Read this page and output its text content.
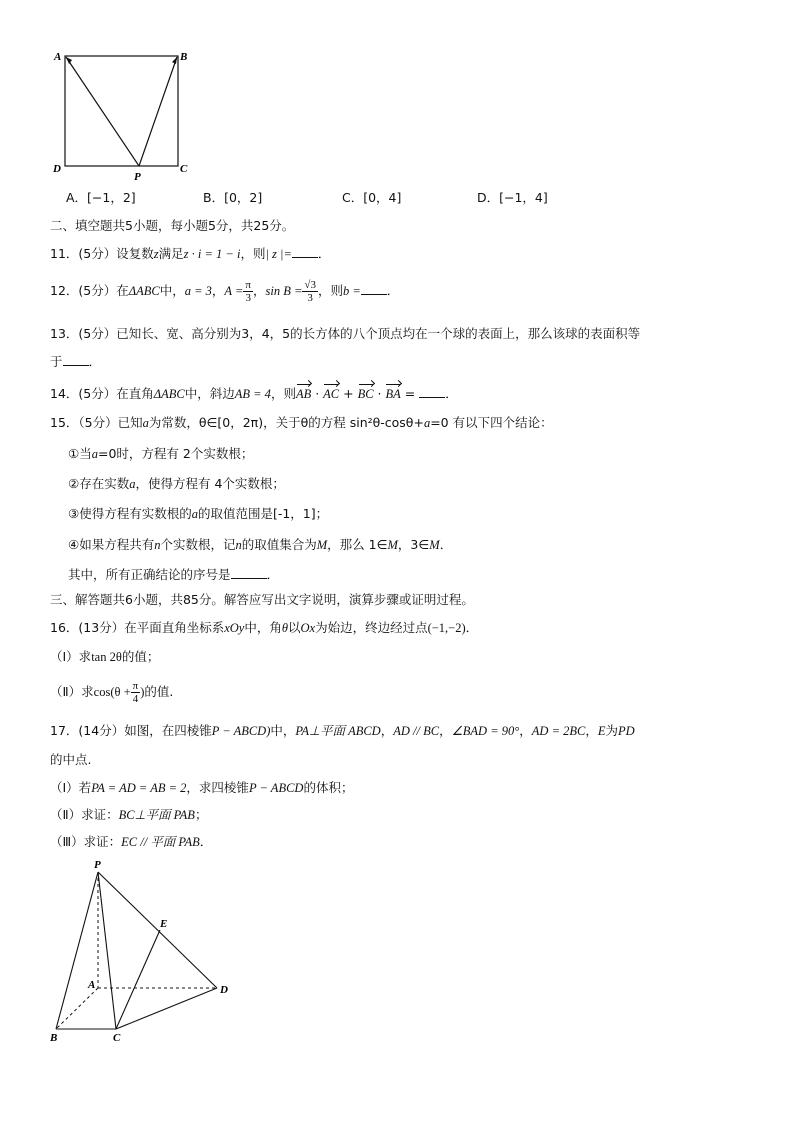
A	B
C
D
P
A．[−1，2]	B．[0，2]	C．[0，4]	D．[−1，4]
二、填空题共5小题，每小题5分，共25分。
11．(5分）设复数z满足z · i = 1 − i，则| z |= ．
12．(5分）在ΔABC中，a = 3，$A = \frac{\pi}{3}$ ，$\sin B = \frac{√3}{3}$ ，则b = ．
13．(5分）已知长、宽、高分别为3，4，5的长方体的八个顶点均在一个球的表面上，那么该球的表面积等
于 ．
14．(5分）在直角ΔABC中，斜边AB = 4，则AB · AC + BC · BA = ．
15．（5分）已知a为常数，θ∈[0，2π)，关于θ的方程 sin²θ-cosθ+a=0 有以下四个结论：
①当a=0时，方程有 2个实数根；
②存在实数a，使得方程有 4个实数根；
③使得方程有实数根的a的取值范围是[-1，1]；
④如果方程共有n个实数根，记n的取值集合为M，那么 1∈M，3∈M．
其中，所有正确结论的序号是	．
三、解答题共6小题，共85分。解答应写出文字说明，演算步骤或证明过程。
16．(13分）在平面直角坐标系xOy中，角θ以Ox为始边，终边经过点(−1,−2)．
（Ⅰ）求tan 2θ的值；
（Ⅱ）求$\cos(\theta + \frac{\pi}{4}$ )的值.
17．(14分）如图，在四棱锥P − ABCD)中，PA⊥平面 ABCD，AD // BC，∠BAD = 90°，AD = 2BC，E为PD
的中点.
（Ⅰ）若PA = AD = AB = 2，求四棱锥P − ABCD的体积；
（Ⅱ）求证：BC⊥平面 PAB；
（Ⅲ）求证：EC // 平面 PAB．
P
E
A	D
B	C
